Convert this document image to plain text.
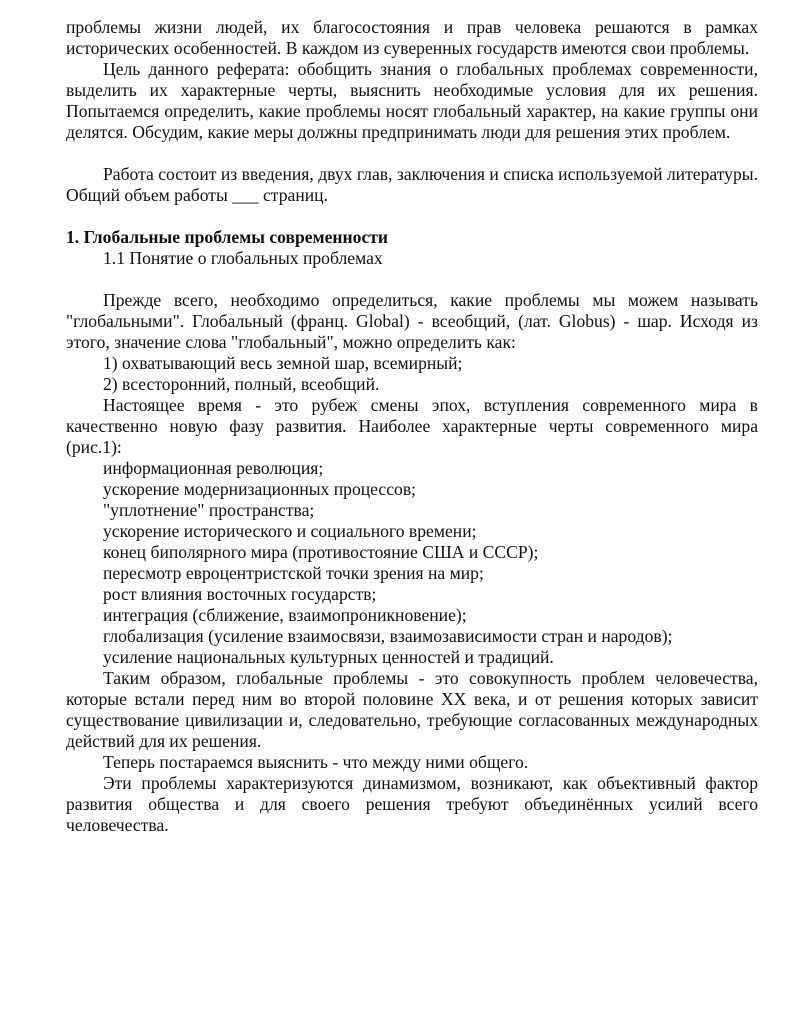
проблемы жизни людей, их благосостояния и прав человека решаются в рамках исторических особенностей. В каждом из суверенных государств имеются свои проблемы.

Цель данного реферата: обобщить знания о глобальных проблемах современности, выделить их характерные черты, выяснить необходимые условия для их решения. Попытаемся определить, какие проблемы носят глобальный характер, на какие группы они делятся. Обсудим, какие меры должны предпринимать люди для решения этих проблем.

Работа состоит из введения, двух глав, заключения и списка используемой литературы. Общий объем работы ___ страниц.

1. Глобальные проблемы современности

1.1 Понятие о глобальных проблемах

Прежде всего, необходимо определиться, какие проблемы мы можем называть "глобальными". Глобальный (франц. Global) - всеобщий, (лат. Globus) - шар. Исходя из этого, значение слова "глобальный", можно определить как:

1) охватывающий весь земной шар, всемирный;

2) всесторонний, полный, всеобщий.

Настоящее время - это рубеж смены эпох, вступления современного мира в качественно новую фазу развития. Наиболее характерные черты современного мира (рис.1):

информационная революция;

ускорение модернизационных процессов;

"уплотнение" пространства;

ускорение исторического и социального времени;

конец биполярного мира (противостояние США и СССР);

пересмотр евроцентристской точки зрения на мир;

рост влияния восточных государств;

интеграция (сближение, взаимопроникновение);

глобализация (усиление взаимосвязи, взаимозависимости стран и народов);

усиление национальных культурных ценностей и традиций.

Таким образом, глобальные проблемы - это совокупность проблем человечества, которые встали перед ним во второй половине XX века, и от решения которых зависит существование цивилизации и, следовательно, требующие согласованных международных действий для их решения.

Теперь постараемся выяснить - что между ними общего.

Эти проблемы характеризуются динамизмом, возникают, как объективный фактор развития общества и для своего решения требуют объединённых усилий всего человечества.
